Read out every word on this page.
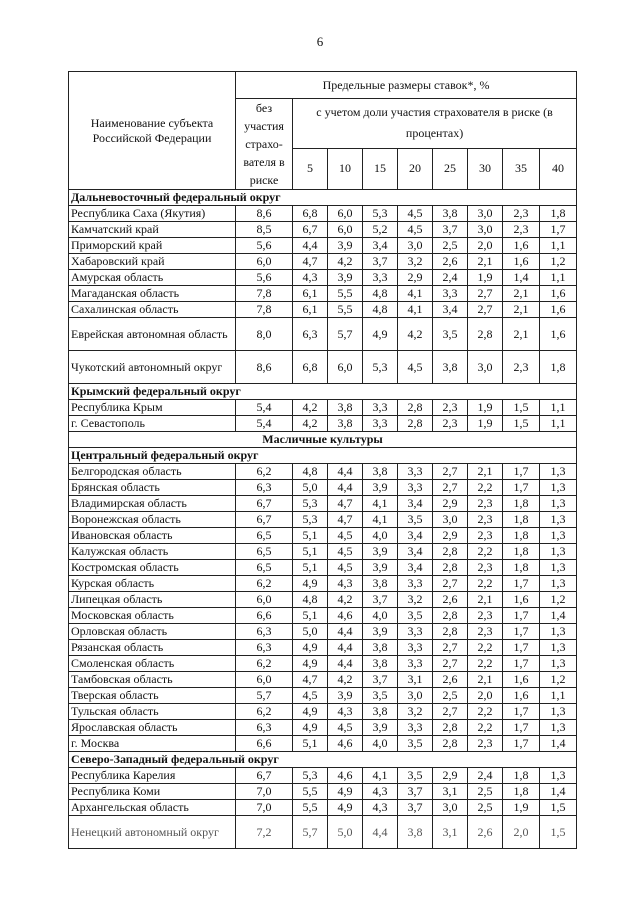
6
Наименование субъекта Российской Федерации	Предельные размеры ставок*, %								
	без участия страхо-вателя в риске	с учетом доли участия страхователя в риске (в процентах)							
		5	10	15	20	25	30	35	40
Дальневосточный федеральный округ									
Республика Саха (Якутия)	8,6	6,8	6,0	5,3	4,5	3,8	3,0	2,3	1,8
Камчатский край	8,5	6,7	6,0	5,2	4,5	3,7	3,0	2,3	1,7
Приморский край	5,6	4,4	3,9	3,4	3,0	2,5	2,0	1,6	1,1
Хабаровский край	6,0	4,7	4,2	3,7	3,2	2,6	2,1	1,6	1,2
Амурская область	5,6	4,3	3,9	3,3	2,9	2,4	1,9	1,4	1,1
Магаданская область	7,8	6,1	5,5	4,8	4,1	3,3	2,7	2,1	1,6
Сахалинская область	7,8	6,1	5,5	4,8	4,1	3,4	2,7	2,1	1,6
Еврейская автономная область	8,0	6,3	5,7	4,9	4,2	3,5	2,8	2,1	1,6
Чукотский автономный округ	8,6	6,8	6,0	5,3	4,5	3,8	3,0	2,3	1,8
Крымский федеральный округ									
Республика Крым	5,4	4,2	3,8	3,3	2,8	2,3	1,9	1,5	1,1
г. Севастополь	5,4	4,2	3,8	3,3	2,8	2,3	1,9	1,5	1,1
Масличные культуры									
Центральный федеральный округ									
Белгородская область	6,2	4,8	4,4	3,8	3,3	2,7	2,1	1,7	1,3
Брянская область	6,3	5,0	4,4	3,9	3,3	2,7	2,2	1,7	1,3
Владимирская область	6,7	5,3	4,7	4,1	3,4	2,9	2,3	1,8	1,3
Воронежская область	6,7	5,3	4,7	4,1	3,5	3,0	2,3	1,8	1,3
Ивановская область	6,5	5,1	4,5	4,0	3,4	2,9	2,3	1,8	1,3
Калужская область	6,5	5,1	4,5	3,9	3,4	2,8	2,2	1,8	1,3
Костромская область	6,5	5,1	4,5	3,9	3,4	2,8	2,3	1,8	1,3
Курская область	6,2	4,9	4,3	3,8	3,3	2,7	2,2	1,7	1,3
Липецкая область	6,0	4,8	4,2	3,7	3,2	2,6	2,1	1,6	1,2
Московская область	6,6	5,1	4,6	4,0	3,5	2,8	2,3	1,7	1,4
Орловская область	6,3	5,0	4,4	3,9	3,3	2,8	2,3	1,7	1,3
Рязанская область	6,3	4,9	4,4	3,8	3,3	2,7	2,2	1,7	1,3
Смоленская область	6,2	4,9	4,4	3,8	3,3	2,7	2,2	1,7	1,3
Тамбовская область	6,0	4,7	4,2	3,7	3,1	2,6	2,1	1,6	1,2
Тверская область	5,7	4,5	3,9	3,5	3,0	2,5	2,0	1,6	1,1
Тульская область	6,2	4,9	4,3	3,8	3,2	2,7	2,2	1,7	1,3
Ярославская область	6,3	4,9	4,5	3,9	3,3	2,8	2,2	1,7	1,3
г. Москва	6,6	5,1	4,6	4,0	3,5	2,8	2,3	1,7	1,4
Северо-Западный федеральный округ									
Республика Карелия	6,7	5,3	4,6	4,1	3,5	2,9	2,4	1,8	1,3
Республика Коми	7,0	5,5	4,9	4,3	3,7	3,1	2,5	1,8	1,4
Архангельская область	7,0	5,5	4,9	4,3	3,7	3,0	2,5	1,9	1,5
Ненецкий автономный округ	7,2	5,7	5,0	4,4	3,8	3,1	2,6	2,0	1,5
